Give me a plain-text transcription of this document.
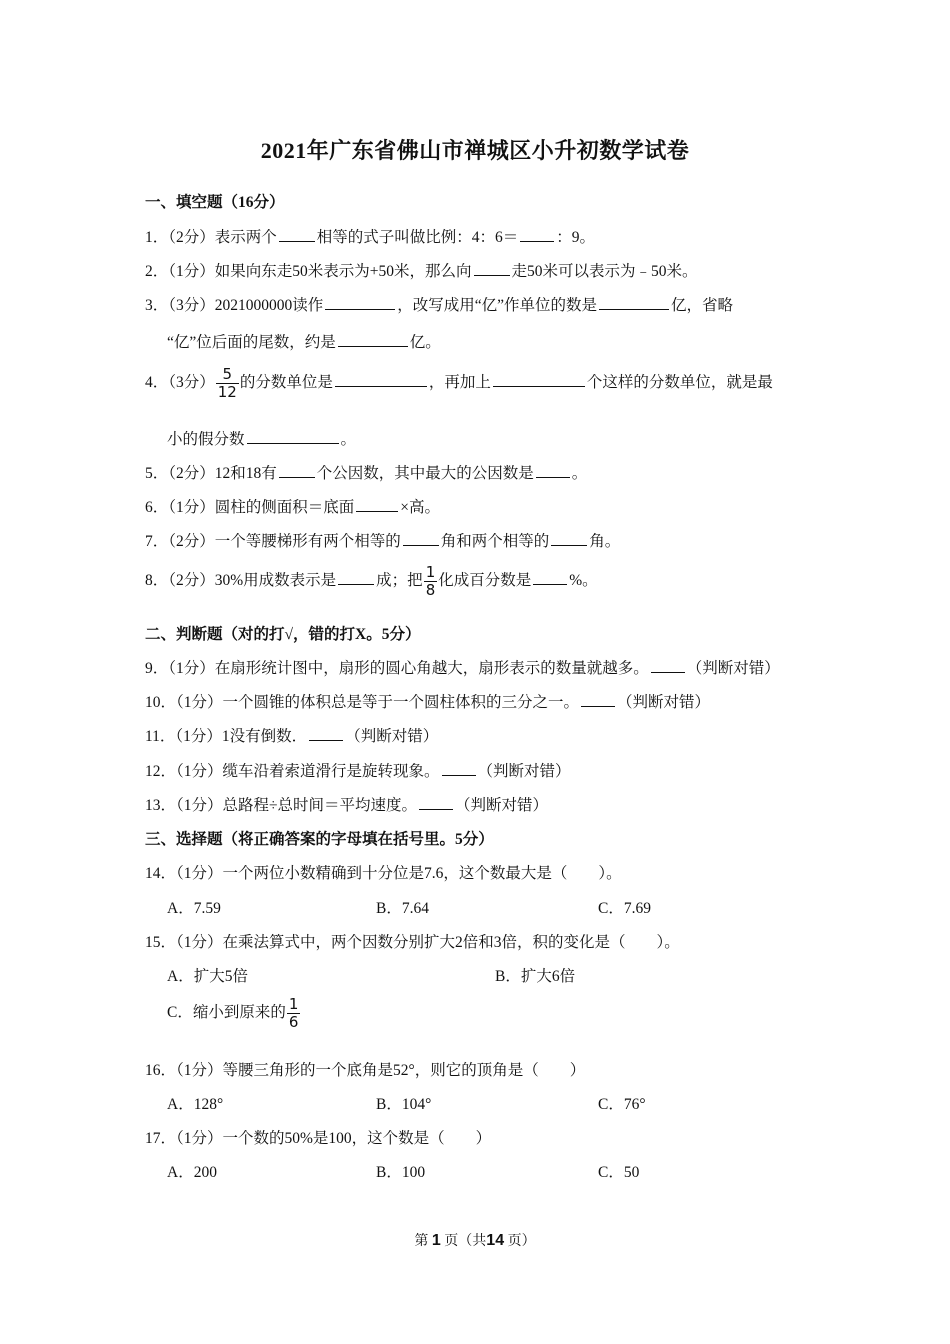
2021年广东省佛山市禅城区小升初数学试卷
一、填空题（16分）
1．（2分）表示两个	相等的式子叫做比例：4：6＝ ：9。
2．（1分）如果向东走50米表示为+50米，那么向	走50米可以表示为﹣50米。
3．（3分）2021000000读作	，改写成用“亿”作单位的数是	亿，省略
“亿”位后面的尾数，约是	亿。
4．（3分） $\frac{5}{12}$ 的分数单位是	，再加上	个这样的分数单位，就是最
小的假分数	。
5．（2分）12和18有	个公因数，其中最大的公因数是 。
6．（1分）圆柱的侧面积＝底面	×高。
7．（2分）一个等腰梯形有两个相等的	角和两个相等的	角。
8．（2分）30%用成数表示是	成；把 $\frac{1}{8}$ 化成百分数是 %。
二、判断题（对的打√，错的打X。5分）
9．（1分）在扇形统计图中，扇形的圆心角越大，扇形表示的数量就越多。 （判断对错）
10．（1分）一个圆锥的体积总是等于一个圆柱体积的三分之一。 （判断对错）
11．（1分）1没有倒数． （判断对错）
12．（1分）缆车沿着索道滑行是旋转现象。 （判断对错）
13．（1分）总路程÷总时间＝平均速度。 （判断对错）
三、选择题（将正确答案的字母填在括号里。5分）
14．（1分）一个两位小数精确到十分位是7.6，这个数最大是（　　）。
A．7.59	B．7.64	C．7.69
15．（1分）在乘法算式中，两个因数分别扩大2倍和3倍，积的变化是（　　）。
A．扩大5倍	B．扩大6倍
C．缩小到原来的 $\frac{1}{6}$
16．（1分）等腰三角形的一个底角是52°，则它的顶角是（　　）
A．128°	B．104°	C．76°
17．（1分）一个数的50%是100，这个数是（　　）
A．200	B．100	C．50
第 1 页（共14 页）
